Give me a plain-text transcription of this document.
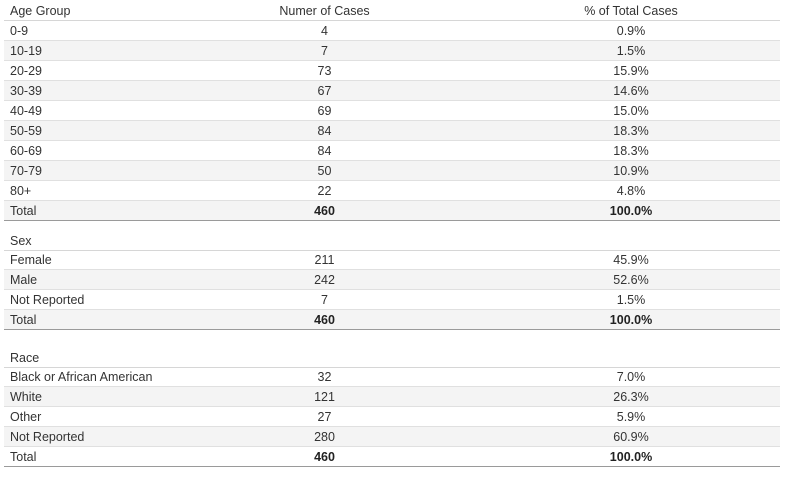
Age Group	Numer of Cases	% of Total Cases
0-9	4	0.9%
10-19	7	1.5%
20-29	73	15.9%
30-39	67	14.6%
40-49	69	15.0%
50-59	84	18.3%
60-69	84	18.3%
70-79	50	10.9%
80+	22	4.8%
Total	460	100.0%
Sex
Female	211	45.9%
Male	242	52.6%
Not Reported	7	1.5%
Total	460	100.0%
Race
Black or African American	32	7.0%
White	121	26.3%
Other	27	5.9%
Not Reported	280	60.9%
Total	460	100.0%
